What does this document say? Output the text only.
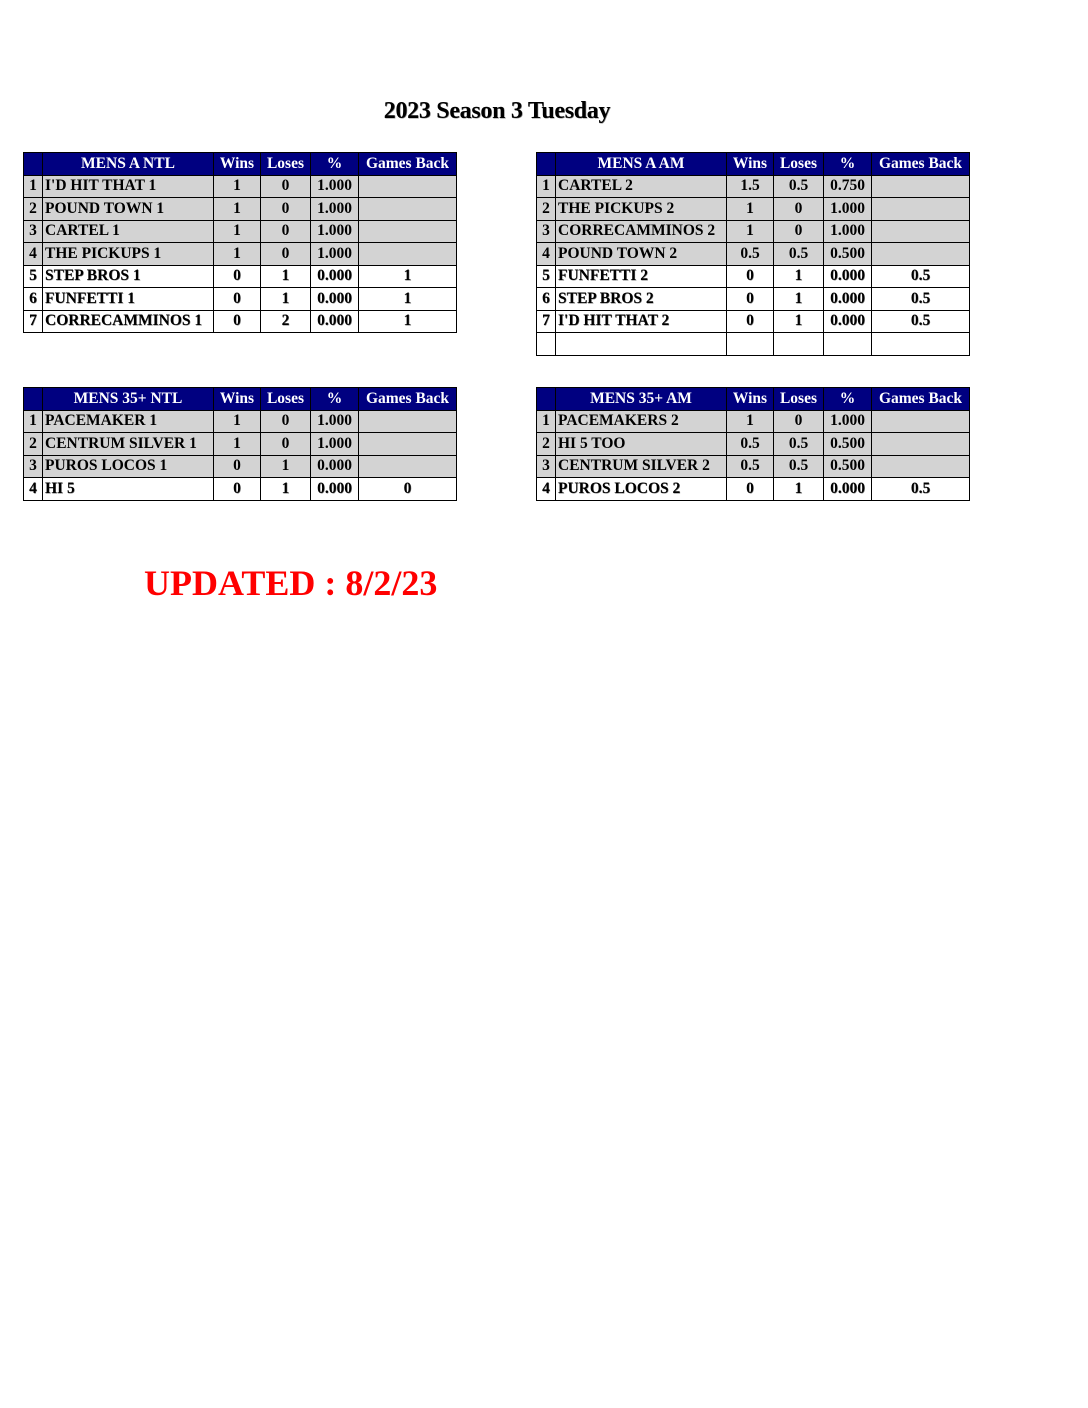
2023 Season 3 Tuesday
	MENS A NTL	Wins	Loses	%	Games Back
1	I'D HIT THAT 1	1	0	1.000	
2	POUND TOWN 1	1	0	1.000	
3	CARTEL 1	1	0	1.000	
4	THE PICKUPS 1	1	0	1.000	
5	STEP BROS 1	0	1	0.000	1
6	FUNFETTI 1	0	1	0.000	1
7	CORRECAMMINOS 1	0	2	0.000	1
	MENS A AM	Wins	Loses	%	Games Back
1	CARTEL 2	1.5	0.5	0.750	
2	THE PICKUPS 2	1	0	1.000	
3	CORRECAMMINOS 2	1	0	1.000	
4	POUND TOWN 2	0.5	0.5	0.500	
5	FUNFETTI 2	0	1	0.000	0.5
6	STEP BROS 2	0	1	0.000	0.5
7	I'D HIT THAT 2	0	1	0.000	0.5

	MENS 35+ NTL	Wins	Loses	%	Games Back
1	PACEMAKER 1	1	0	1.000	
2	CENTRUM SILVER 1	1	0	1.000	
3	PUROS LOCOS 1	0	1	0.000	
4	HI 5	0	1	0.000	0
	MENS 35+ AM	Wins	Loses	%	Games Back
1	PACEMAKERS 2	1	0	1.000	
2	HI 5 TOO	0.5	0.5	0.500	
3	CENTRUM SILVER 2	0.5	0.5	0.500	
4	PUROS LOCOS 2	0	1	0.000	0.5
UPDATED : 8/2/23
